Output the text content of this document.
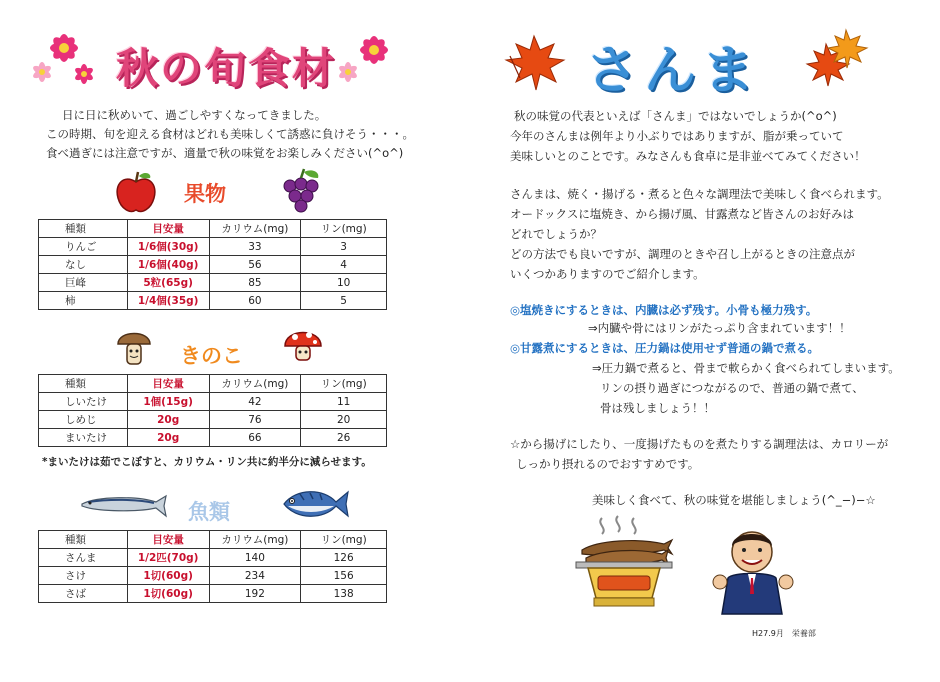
秋の旬食材
日に日に秋めいて、過ごしやすくなってきました。
この時期、旬を迎える食材はどれも美味しくて誘惑に負けそう・・・。
食べ過ぎには注意ですが、適量で秋の味覚をお楽しみください(^o^)
果物
種類	目安量	カリウム(mg)	リン(mg)
りんご	1/6個(30g)	33	3
なし	1/6個(40g)	56	4
巨峰	5粒(65g)	85	10
柿	1/4個(35g)	60	5
きのこ
種類	目安量	カリウム(mg)	リン(mg)
しいたけ	1個(15g)	42	11
しめじ	20g	76	20
まいたけ	20g	66	26
*まいたけは茹でこぼすと、カリウム・リン共に約半分に減らせます。
魚類
種類	目安量	カリウム(mg)	リン(mg)
さんま	1/2匹(70g)	140	126
さけ	1切(60g)	234	156
さば	1切(60g)	192	138
さんま
秋の味覚の代表といえば「さんま」ではないでしょうか(^o^)
今年のさんまは例年より小ぶりではありますが、脂が乗っていて
美味しいとのことです。みなさんも食卓に是非並べてみてください！
さんまは、焼く・揚げる・煮ると色々な調理法で美味しく食べられます。
オードックスに塩焼き、から揚げ風、甘露煮など皆さんのお好みは
どれでしょうか？
どの方法でも良いですが、調理のときや召し上がるときの注意点が
いくつかありますのでご紹介します。
◎塩焼きにするときは、内臓は必ず残す。小骨も極力残す。
⇒内臓や骨にはリンがたっぷり含まれています！！
◎甘露煮にするときは、圧力鍋は使用せず普通の鍋で煮る。
⇒圧力鍋で煮ると、骨まで軟らかく食べられてしまいます。
リンの摂り過ぎにつながるので、普通の鍋で煮て、
骨は残しましょう！！
☆から揚げにしたり、一度揚げたものを煮たりする調理法は、カロリーが
しっかり摂れるのでおすすめです。
美味しく食べて、秋の味覚を堪能しましょう(^_−)−☆
H27.9月　栄養部
